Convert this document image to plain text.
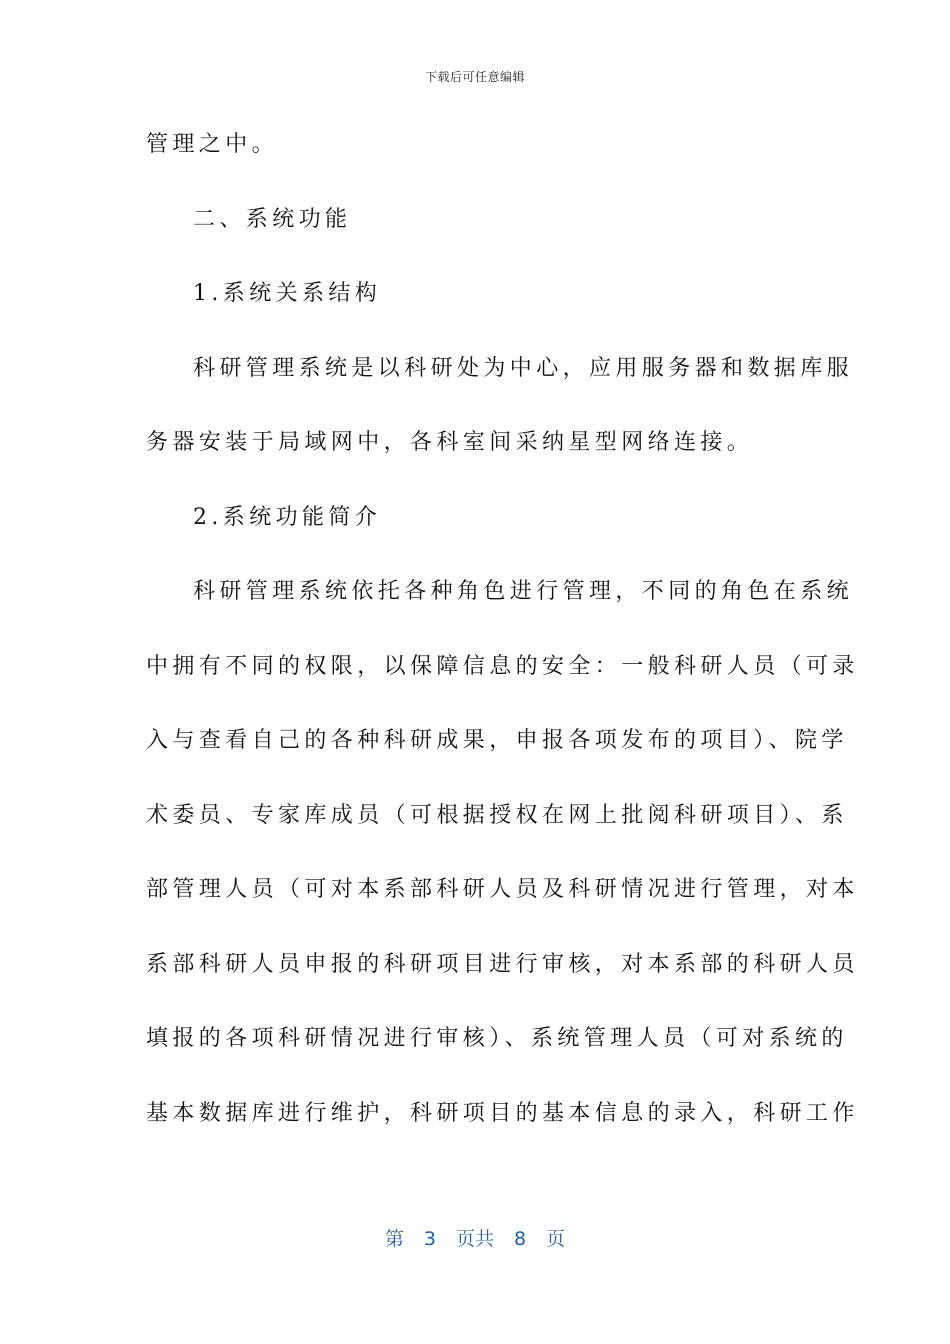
下载后可任意编辑
管理之中。
二、系统功能
1.系统关系结构
科研管理系统是以科研处为中心，应用服务器和数据库服
务器安装于局域网中，各科室间采纳星型网络连接。
2.系统功能简介
科研管理系统依托各种角色进行管理，不同的角色在系统
中拥有不同的权限，以保障信息的安全：一般科研人员（可录
入与查看自己的各种科研成果，申报各项发布的项目）、院学
术委员、专家库成员（可根据授权在网上批阅科研项目）、系
部管理人员（可对本系部科研人员及科研情况进行管理，对本
系部科研人员申报的科研项目进行审核，对本系部的科研人员
填报的各项科研情况进行审核）、系统管理人员（可对系统的
基本数据库进行维护，科研项目的基本信息的录入，科研工作
第 3 页共 8 页
